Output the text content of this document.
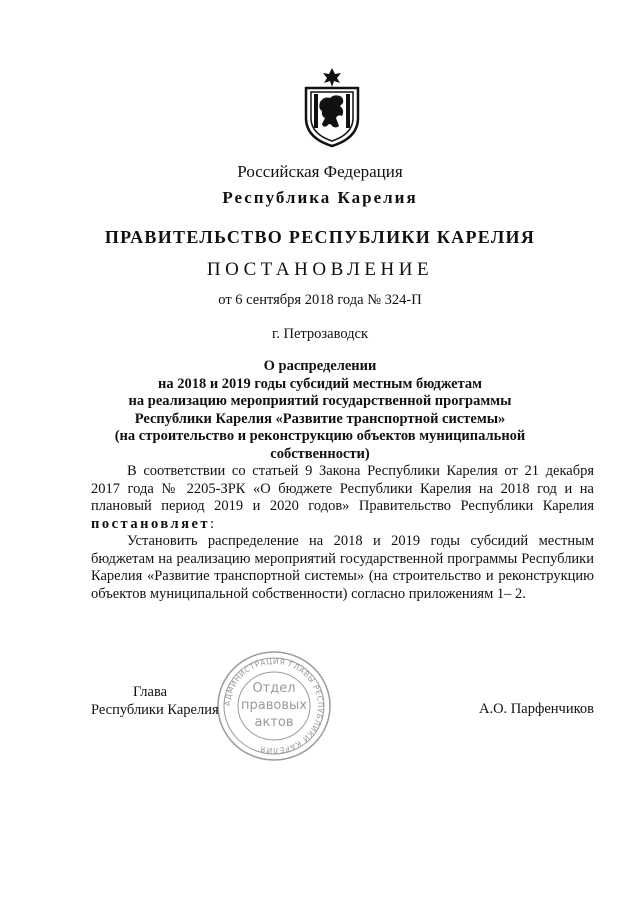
Российская Федерация
Республика Карелия
ПРАВИТЕЛЬСТВО РЕСПУБЛИКИ КАРЕЛИЯ
ПОСТАНОВЛЕНИЕ
от 6 сентября 2018 года № 324-П
г. Петрозаводск
О распределении
на 2018 и 2019 годы субсидий местным бюджетам
на реализацию мероприятий государственной программы
Республики Карелия «Развитие транспортной системы»
(на строительство и реконструкцию объектов муниципальной
собственности)

В соответствии со статьей 9 Закона Республики Карелия от 21 декабря 2017 года № 2205-ЗРК «О бюджете Республики Карелия на 2018 год и на плановый период 2019 и 2020 годов» Правительство Республики Карелия постановляет:

Установить распределение на 2018 и 2019 годы субсидий местным бюджетам на реализацию мероприятий государственной программы Республики Карелия «Развитие транспортной системы» (на строительство и реконструкцию объектов муниципальной собственности) согласно приложениям 1– 2.

АДМИНИСТРАЦИЯ ГЛАВЫ РЕСПУБЛИКИ КАРЕЛИЯ
Отдел
правовых
актов
Глава
Республики Карелия	А.О. Парфенчиков
